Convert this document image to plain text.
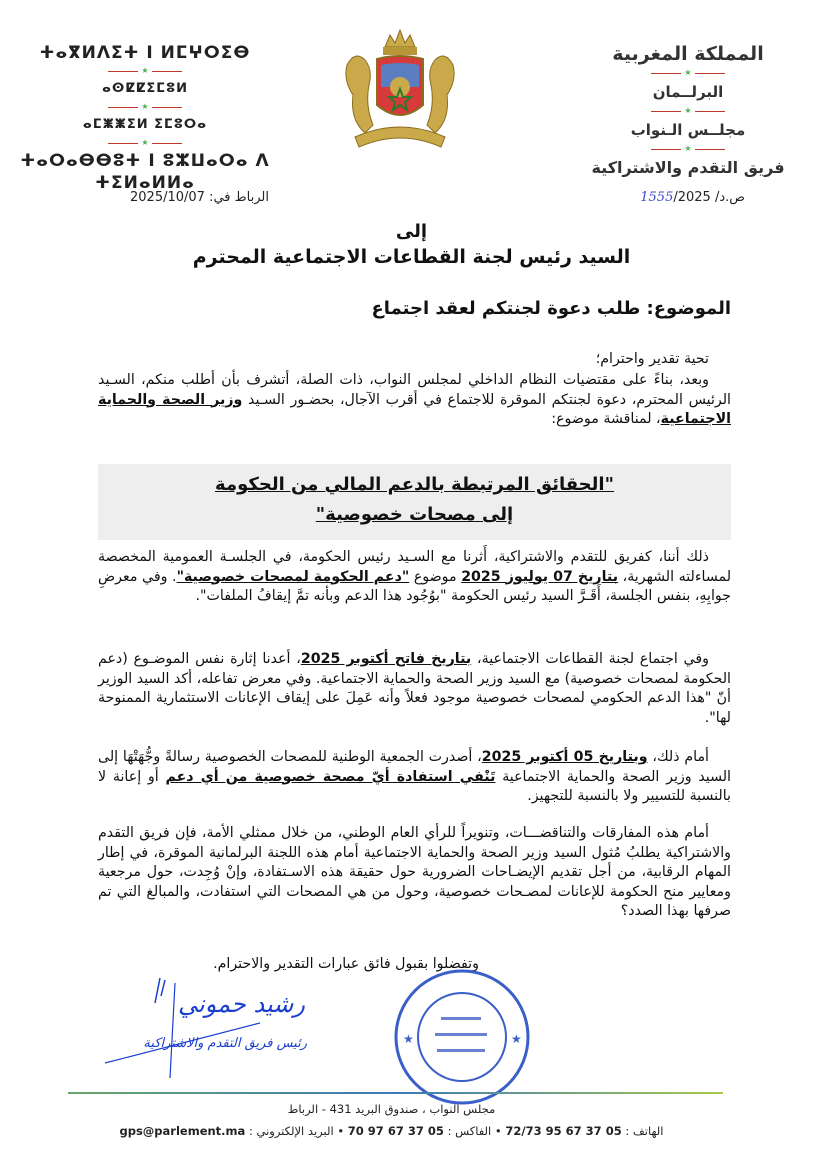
ⵜⴰⴳⵍⴷⵉⵜ ⵏ ⵍⵎⵖⵔⵉⴱ
★
ⴰⵙⵇⵇⵉⵎⵓⵍ
★
ⴰⵎⵥⵥⵉⵍ ⵉⵎⵓⵔⴰ
★
ⵜⴰⵔⴰⴱⴱⵓⵜ ⵏ ⵓⵣⵡⴰⵔⴰ ⴷ ⵜⵉⵍⴰⵍⵍⴰ
المملكة المغربية
★
البرلــمان
★
مجلــس الـنواب
★
فريق التقدم والاشتراكية
الرباط في: 2025/10/07	ص.د/ 1555/2025
إلى
السيد رئيس لجنة القطاعات الاجتماعية المحترم
الموضوع: طلب دعوة لجنتكم لعقد اجتماع
تحية تقدير واحترام؛
وبعد، بناءً على مقتضيات النظام الداخلي لمجلس النواب، ذات الصلة، أتشرف بأن أطلب منكم، السـيد الرئيس المحترم، دعوة لجنتكم الموقرة للاجتماع في أقرب الآجال، بحضـور السـيد وزير الصحة والحماية الاجتماعية، لمناقشة موضوع:
"الحقائق المرتبطة بالدعم المالي من الحكومة
إلى مصحات خصوصية"
ذلك أننا، كفريق للتقدم والاشتراكية، أَثرنا مع السـيد رئيس الحكومة، في الجلسـة العمومية المخصصة لمساءلته الشهرية، بتاريخ 07 يوليوز 2025 موضوع "دعم الحكومة لمصحات خصوصية". وفي معرضِ جوابِهِ، بنفس الجلسة، أَقَـرَّ السيد رئيس الحكومة "بوُجُود هذا الدعم وبأنه تمَّ إيقافُ الملفات".
وفي اجتماع لجنة القطاعات الاجتماعية، بتاريخ فاتح أكتوبر 2025، أعدنا إثارة نفس الموضـوع (دعم الحكومة لمصحات خصوصية) مع السيد وزير الصحة والحماية الاجتماعية. وفي معرض تفاعله، أكد السيد الوزير أنّ "هذا الدعم الحكومي لمصحات خصوصية موجود فعلاً وأنه عَمِلَ على إيقاف الإعانات الاستثمارية الممنوحة لها".
أمام ذلك، وبتاريخ 05 أكتوبر 2025، أصدرت الجمعية الوطنية للمصحات الخصوصية رسالةً وجُّهَتْهَا إلى السيد وزير الصحة والحماية الاجتماعية تَنْفي استفادة أيّ مصحة خصوصية من أي دعم أو إعانة لا بالنسبة للتسيير ولا بالنسبة للتجهيز.
أمام هذه المفارقات والتناقضـــات، وتنويراً للرأي العام الوطني، من خلال ممثلي الأمة، فإن فريق التقدم والاشتراكية يطلبُ مُثول السيد وزير الصحة والحماية الاجتماعية أمام هذه اللجنة البرلمانية الموقرة، في إطار المهام الرقابية، من أجل تقديم الإيضـاحات الضرورية حول حقيقة هذه الاسـتفادة، وإنْ وُجِدت، حول مرجعية ومعايير منح الحكومة للإعانات لمصـحات خصوصية، وحول من هي المصحات التي استفادت، والمبالغ التي تم صرفها بهذا الصدد؟
وتفضلوا بقبول فائق عبارات التقدير والاحترام.
رشيد حموني
رئيس فريق التقدم والاشتراكية	★	★
مجلس النواب ، صندوق البريد 431 - الرباط
الهاتف : 05 37 67 95 72/73 • الفاكس : 05 37 67 97 70 • البريد الإلكتروني : gps@parlement.ma
